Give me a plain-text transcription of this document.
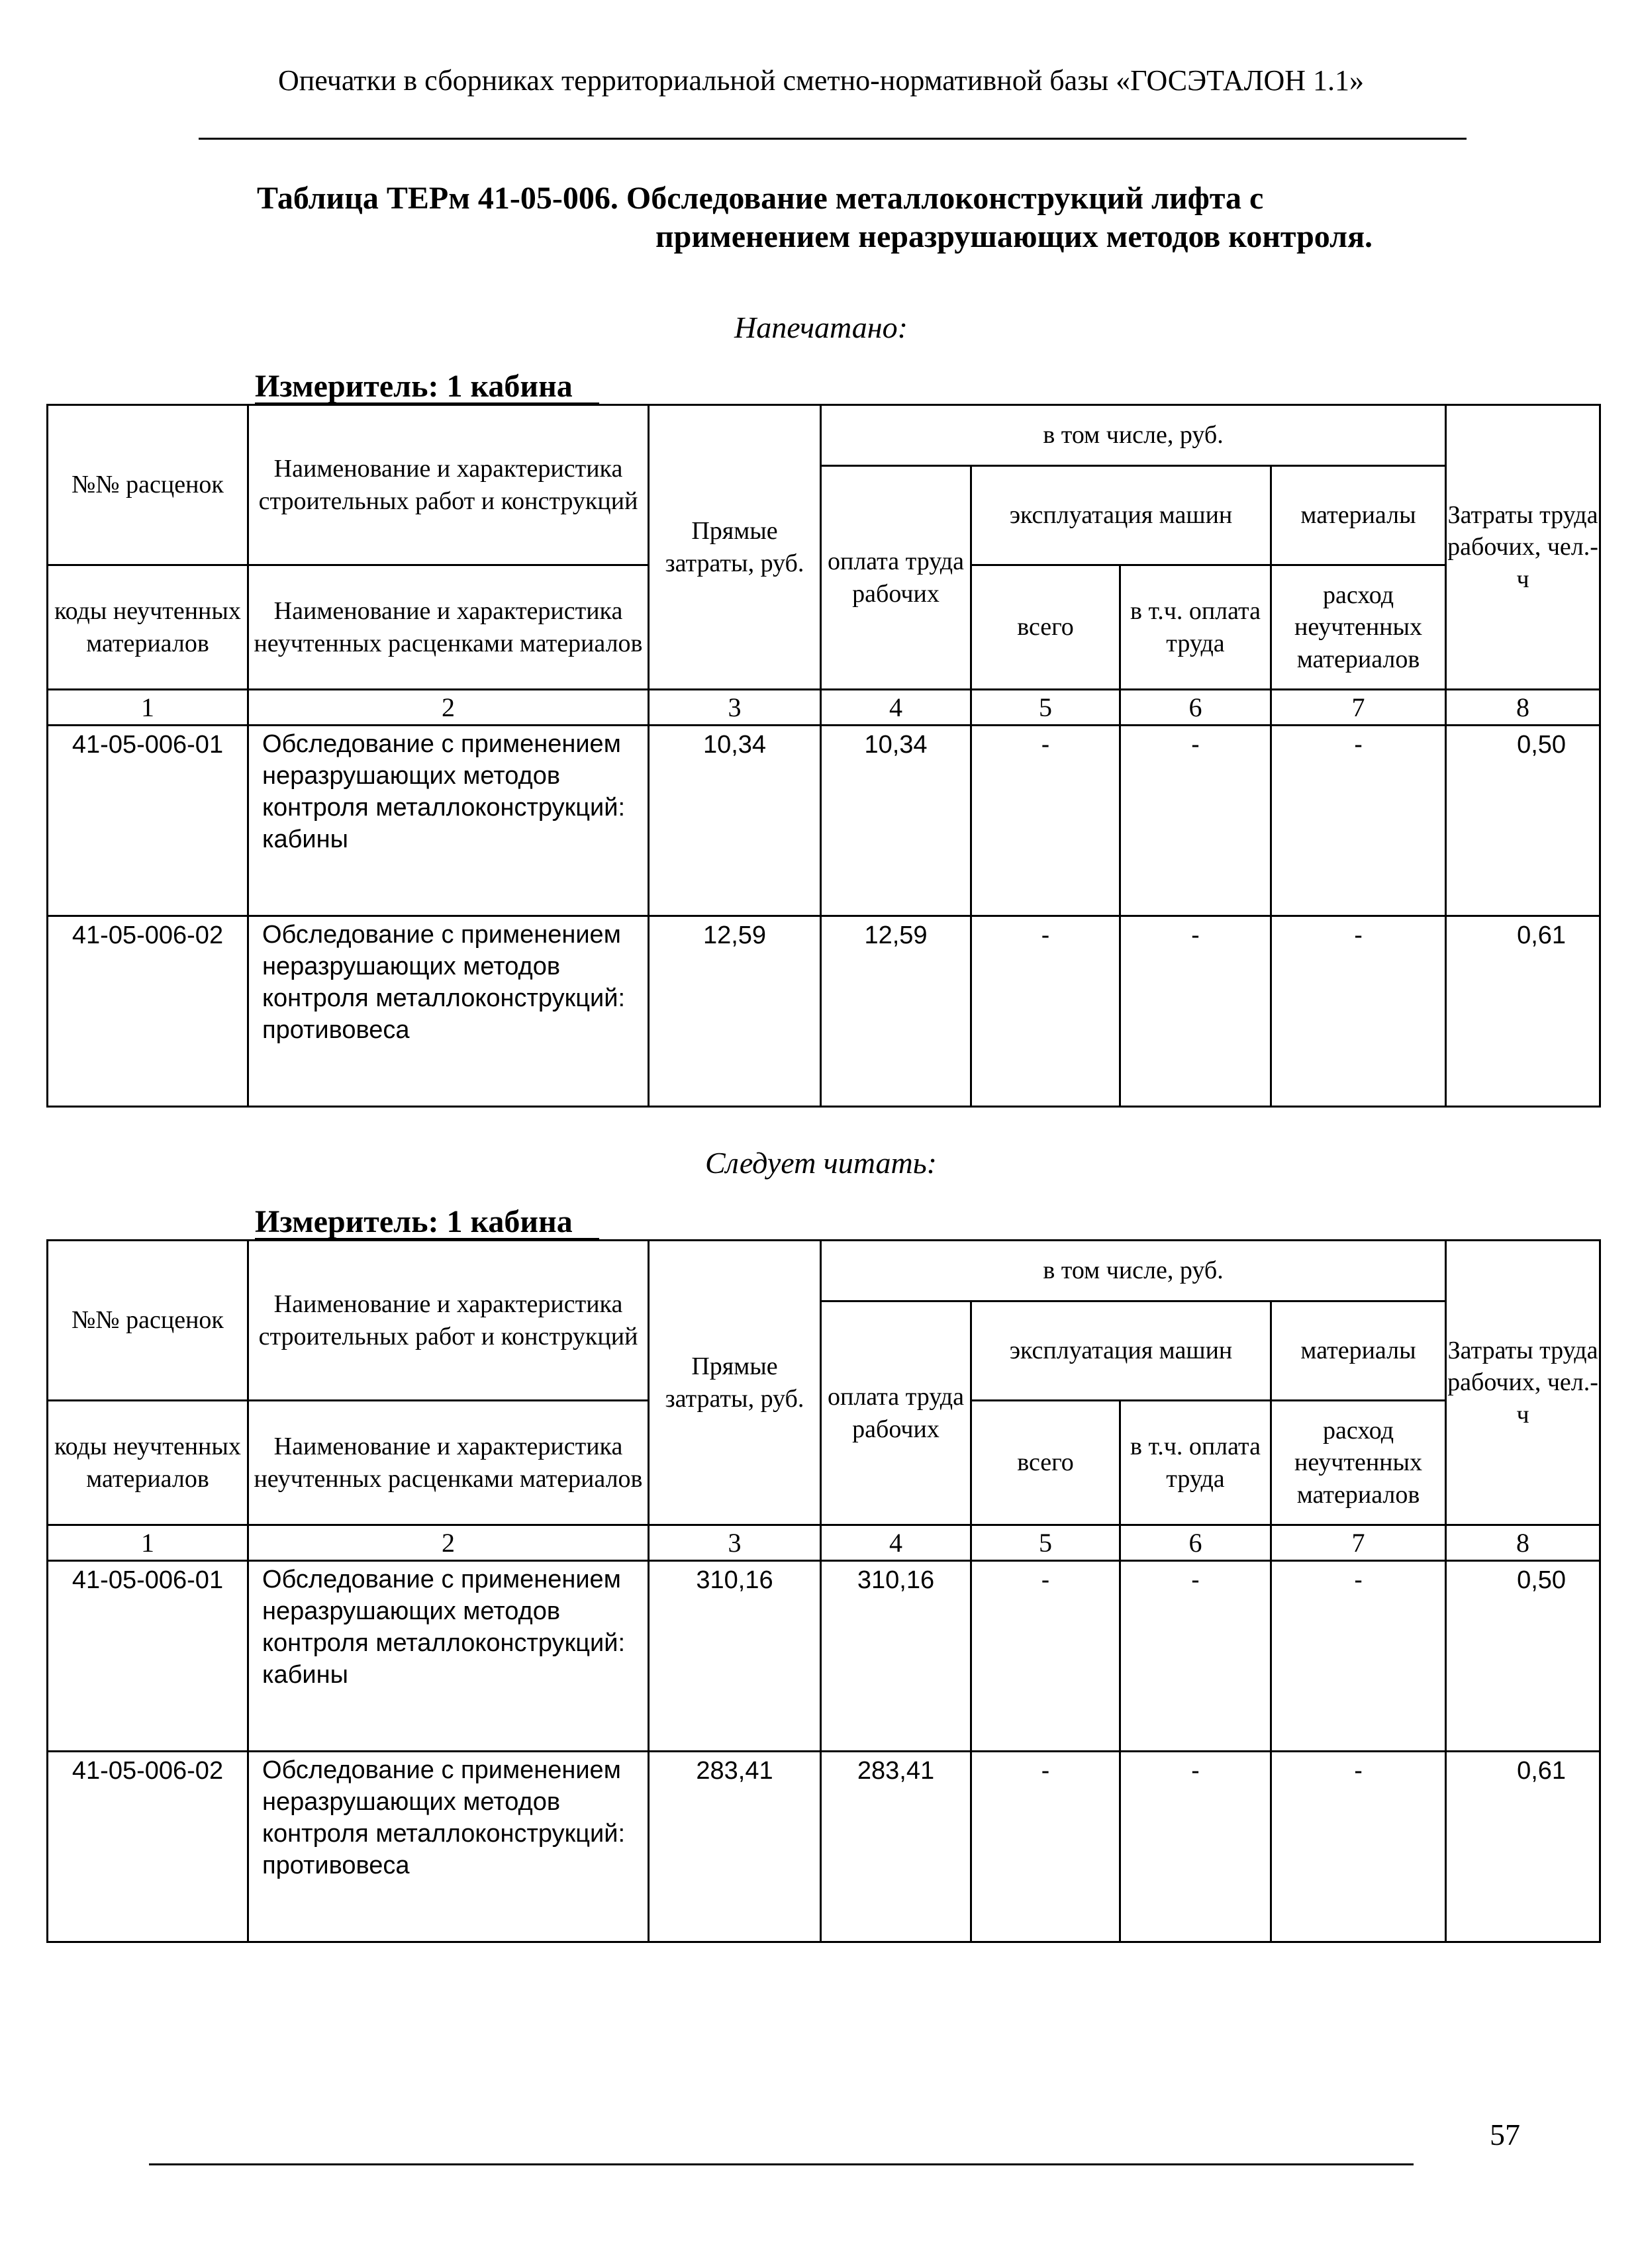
Опечатки в сборниках территориальной сметно-нормативной базы «ГОСЭТАЛОН 1.1»
Таблица ТЕРм 41-05-006. Обследование металлоконструкций лифта с
применением неразрушающих методов контроля.
Напечатано:
Измеритель: 1 кабина
№№ расценок	Наименование и характеристика строительных работ и конструкций	Прямые затраты, руб.	в том числе, руб.				Затраты труда рабочих, чел.-ч
			оплата труда рабочих	эксплуатация машин		материалы	
коды неучтенных материалов	Наименование и характеристика неучтенных расценками материалов			всего	в т.ч. оплата труда	расход неучтенных материалов	
1	2	3	4	5	6	7	8
41-05-006-01	Обследование с применением неразрушающих методов контроля металлоконструкций: кабины	10,34	10,34	-	-	-	0,50
41-05-006-02	Обследование с применением неразрушающих методов контроля металлоконструкций: противовеса	12,59	12,59	-	-	-	0,61
Следует читать:
Измеритель: 1 кабина
№№ расценок	Наименование и характеристика строительных работ и конструкций	Прямые затраты, руб.	в том числе, руб.				Затраты труда рабочих, чел.-ч
			оплата труда рабочих	эксплуатация машин		материалы	
коды неучтенных материалов	Наименование и характеристика неучтенных расценками материалов			всего	в т.ч. оплата труда	расход неучтенных материалов	
1	2	3	4	5	6	7	8
41-05-006-01	Обследование с применением неразрушающих методов контроля металлоконструкций: кабины	310,16	310,16	-	-	-	0,50
41-05-006-02	Обследование с применением неразрушающих методов контроля металлоконструкций: противовеса	283,41	283,41	-	-	-	0,61
57
